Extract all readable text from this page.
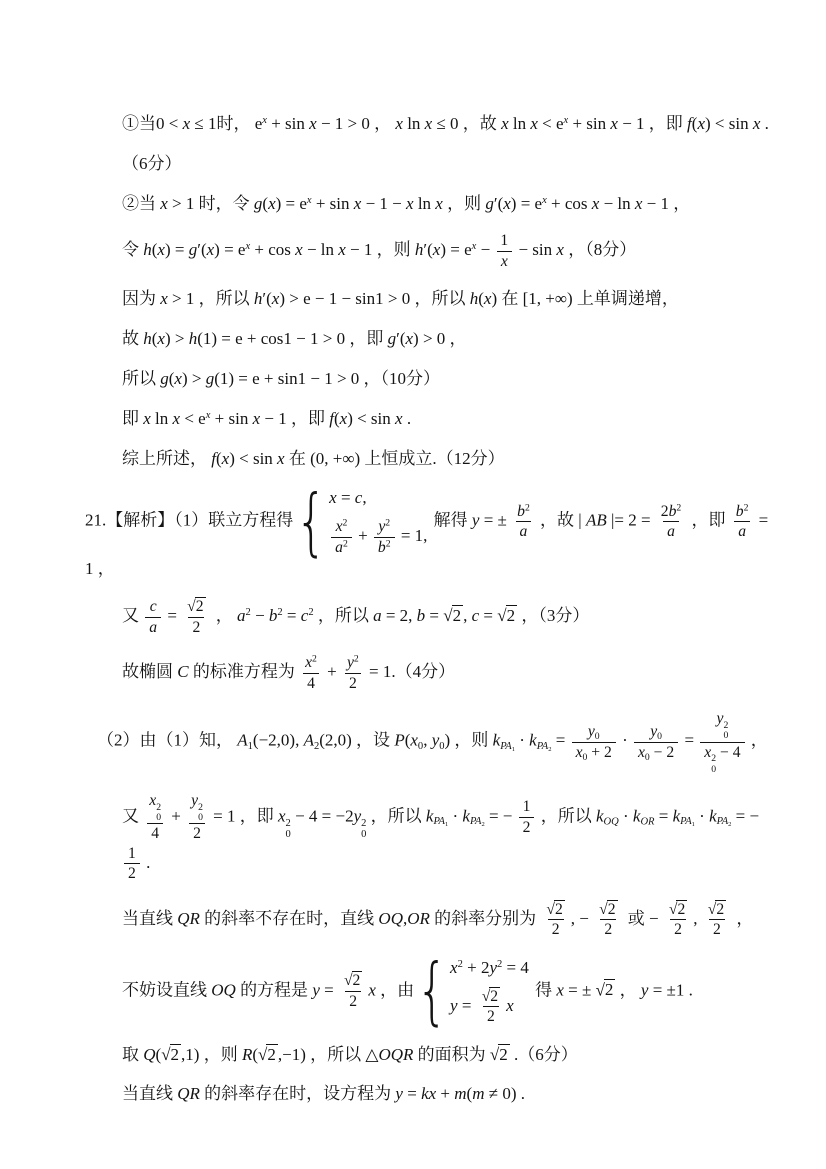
①当0 < x ≤ 1时， $e^x + \sin x - 1 > 0$ ， x ln x ≤ 0 ，故 x $\ln x < e^x + \sin x - 1$ ，即 f(x) < sin x .
（6分）
②当 x > 1 时，令 $g(x) = e^x + \sin x - 1 - x$ ln x ，则 $g'(x) = e^x + \cos x - \ln x - 1$ ，
令 $h(x) = g'(x) = e^x + \cos x - \ln x - 1$ ，则 $h'(x) = e^x - \frac{1}{x} - \sin x$ ，（8分）
因为 x > 1 ，所以 h′(x) > e − 1 − sin1 > 0 ，所以 h(x) 在 [1, +∞) 上单调递增，
故 h(x) > h(1) = e + cos1 − 1 > 0 ，即 g′(x) > 0 ，
所以 g(x) > g(1) = e + sin1 − 1 > 0 ，（10分）
即 x $\ln x < e^x + \sin x - 1$ ，即 f(x) < sin x .
综上所述， f(x) < sin x 在 (0, +∞) 上恒成立.（12分）
21.【解析】（1）联立方程得 { x = c,
$\frac{x^2}{a^2} + \frac{y^2}{b^2} = 1$,
解得 y = ± $\frac{b^2}{a}$ ，故 | AB |= $2 = \frac{2b^2}{a}$ ，即 $\frac{b^2}{a} = 1$ ，
又 $\frac{c}{a} = \frac{√2}{2}$ ， $a^2 - b^2 = c^2$ ，所以 a = 2, b = √2 , c = √2 ，（3分）
故椭圆 C 的标准方程为 $\frac{x^2}{4} + \frac{y^2}{2} = 1.(4$分）
（2）由（1）知， $A_1(-2,0)$, $A_2(2,0)$ ，设 $P(x_0$, $y_0$) ，则 $k_{PA_1} \cdot k_{PA_2} = \frac{y_0}{x_0 + 2} \cdot \frac{y_0}{x_0 - 2} = y$ 2
0
x 2
0
− 4 ，
又 x 2
0
4 + y 2
0
2 = 1 ，即 x 2
0
− 4 = −2y 2
0
，所以 $k_{PA_1} \cdot k_{PA_2}$ = − $\frac{1}{2}$ ，所以 $k_{OQ} \cdot k_{OR} = k_{PA_1} \cdot k_{PA_2}$ = −
$\frac{1}{2}$ .
当直线 QR 的斜率不存在时，直线 OQ,OR 的斜率分别为 $\frac{√2}{2}$ , − $\frac{√2}{2}$ 或 − $\frac{√2}{2}$ , $\frac{√2}{2}$ ，
不妨设直线 OQ 的方程是 $y = \frac{√2}{2}$ x ，由 { $x^2 + 2y^2 = 4$
$y = \frac{√2}{2}$ x
得 x = ± √2 ， y = ±1 .
取 Q(√2 ,1) ，则 R(√2 ,−1) ，所以 △OQR 的面积为 √2 .（6分）
当直线 QR 的斜率存在时，设方程为 y = kx + m(m ≠ 0) .
